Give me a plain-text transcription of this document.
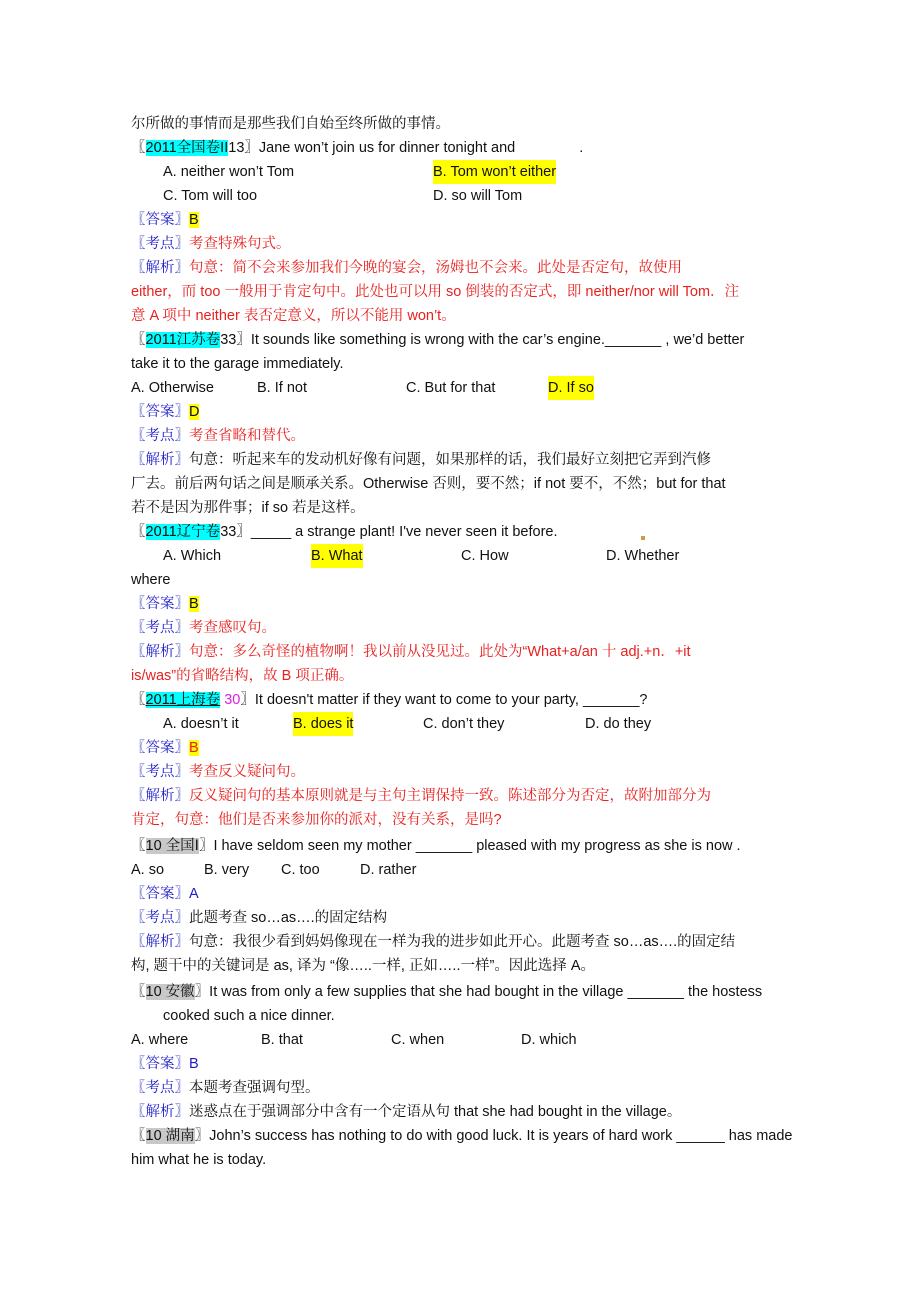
尔所做的事情而是那些我们自始至终所做的事情。
〖2011全国卷II13〗Jane won’t join us for dinner tonight and	.
A. neither won’t Tom	B. Tom won’t either
C. Tom will too	D. so will Tom
〖答案〗B
〖考点〗考查特殊句式。
〖解析〗句意：简不会来参加我们今晚的宴会，汤姆也不会来。此处是否定句，故使用
either，而 too 一般用于肯定句中。此处也可以用 so 倒装的否定式，即 neither/nor will Tom．注
意 A 项中 neither 表否定意义，所以不能用 won’t。
〖2011江苏卷33〗It sounds like something is wrong with the car’s engine._______ , we’d better
take it to the garage immediately.
A. Otherwise	B. If not	C. But for that	D. If so
〖答案〗D
〖考点〗考查省略和替代。
〖解析〗句意：听起来车的发动机好像有问题，如果那样的话，我们最好立刻把它弄到汽修
厂去。前后两句话之间是顺承关系。Otherwise 否则，要不然；if not 要不，不然；but for that
若不是因为那件事；if so 若是这样。
〖2011辽宁卷33〗_____ a strange plant! I've never seen it before.
A. Which	B. What	C. How	D. Whether
where
〖答案〗B
〖考点〗考查感叹句。
〖解析〗句意：多么奇怪的植物啊！我以前从没见过。此处为“What+a/an 十 adj.+n．+it
is/was”的省略结构，故 B 项正确。
〖2011上海卷 30〗It doesn't matter if they want to come to your party, _______?
A. doesn’t it	B. does it	C. don’t they	D. do they
〖答案〗B
〖考点〗考查反义疑问句。
〖解析〗反义疑问句的基本原则就是与主句主谓保持一致。陈述部分为否定，故附加部分为
肯定，句意：他们是否来参加你的派对，没有关系，是吗?
〖10 全国Ⅰ〗I have seldom seen my mother _______ pleased with my progress as she is now .
A. so	B. very C. too	D. rather
〖答案〗A
〖考点〗此题考查 so…as….的固定结构
〖解析〗句意：我很少看到妈妈像现在一样为我的进步如此开心。此题考查 so…as….的固定结
构, 题干中的关键词是 as, 译为 “像…..一样, 正如…..一样”。因此选择 A。
〖10 安徽〗It was from only a few supplies that she had bought in the village _______ the hostess
cooked such a nice dinner.
A. where	B. that	C. when	D. which
〖答案〗B
〖考点〗本题考查强调句型。
〖解析〗迷惑点在于强调部分中含有一个定语从句 that she had bought in the village。
〖10 湖南〗John’s success has nothing to do with good luck. It is years of hard work ______ has made
him what he is today.
